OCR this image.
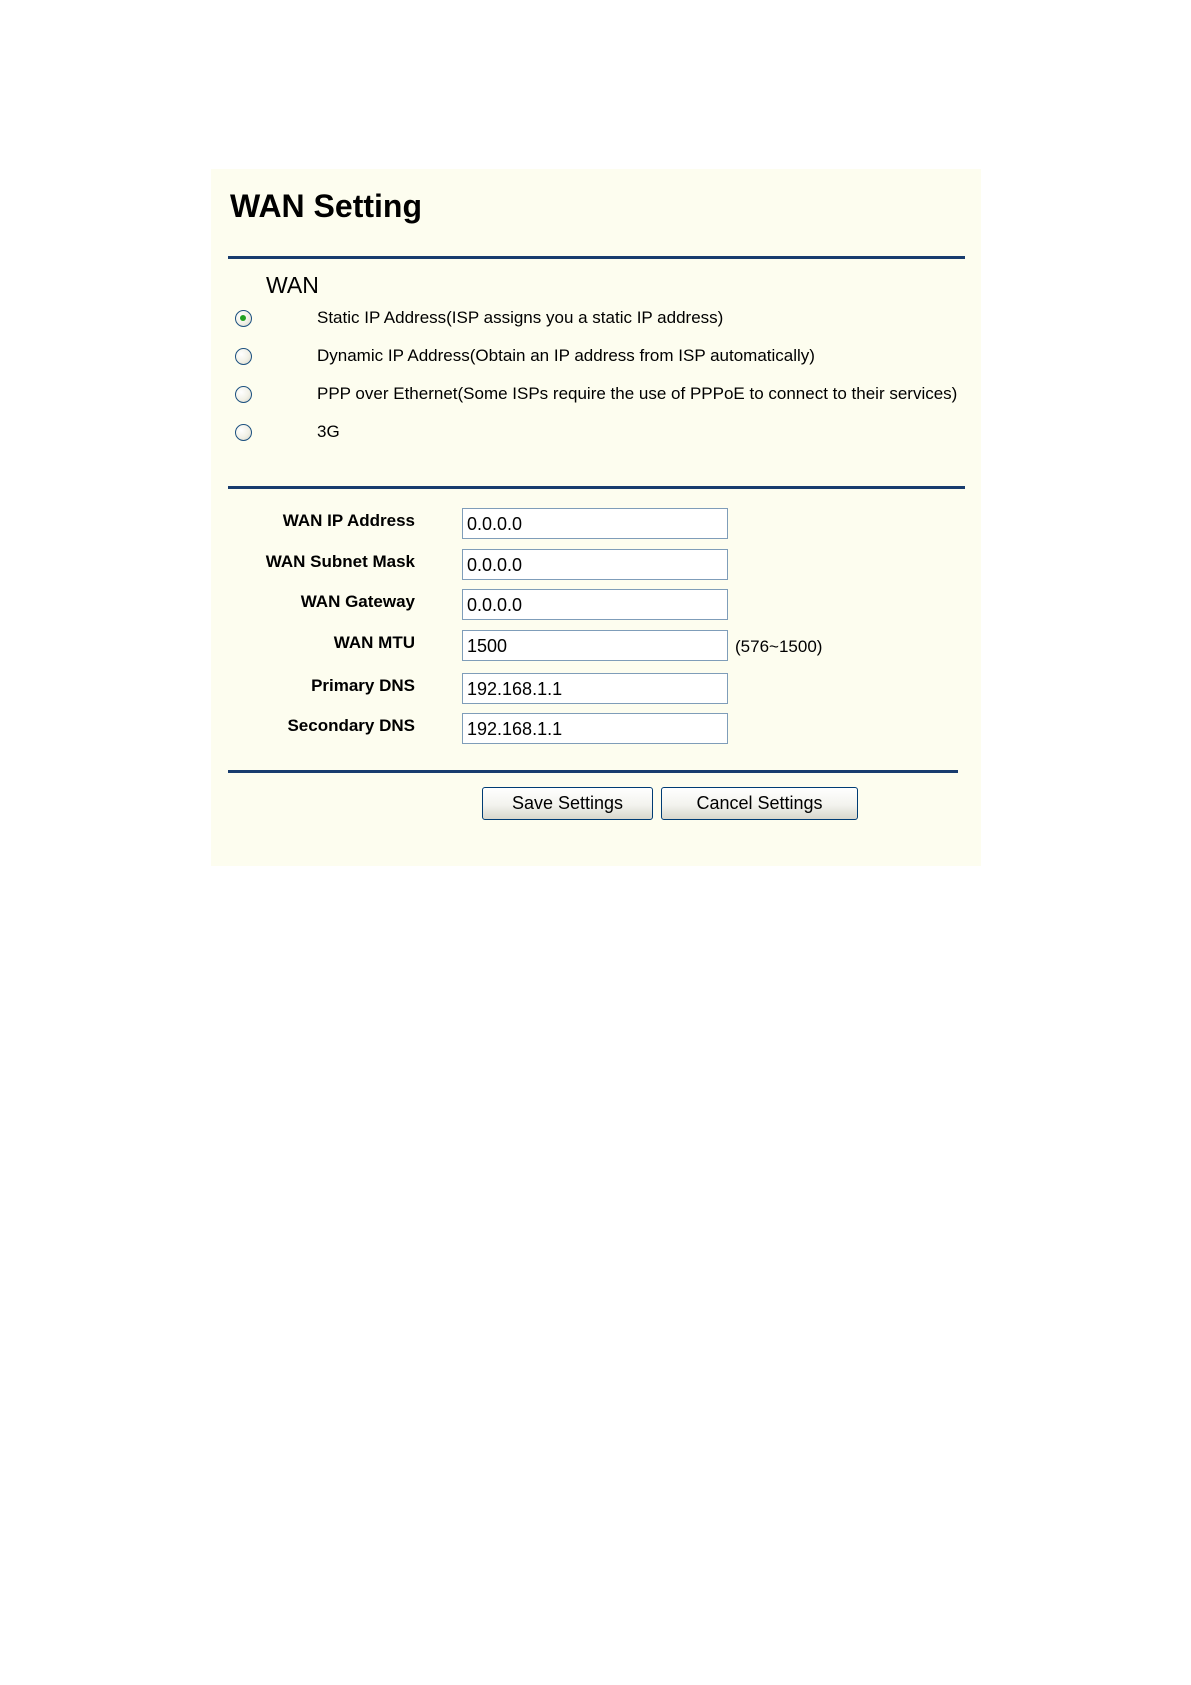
WAN Setting
WAN
Static IP Address(ISP assigns you a static IP address)
Dynamic IP Address(Obtain an IP address from ISP automatically)
PPP over Ethernet(Some ISPs require the use of PPPoE to connect to their services)
3G
WAN IP Address
0.0.0.0
WAN Subnet Mask
0.0.0.0
WAN Gateway
0.0.0.0
WAN MTU
1500	(576~1500)
Primary DNS
192.168.1.1
Secondary DNS
192.168.1.1
Save Settings	Cancel Settings
